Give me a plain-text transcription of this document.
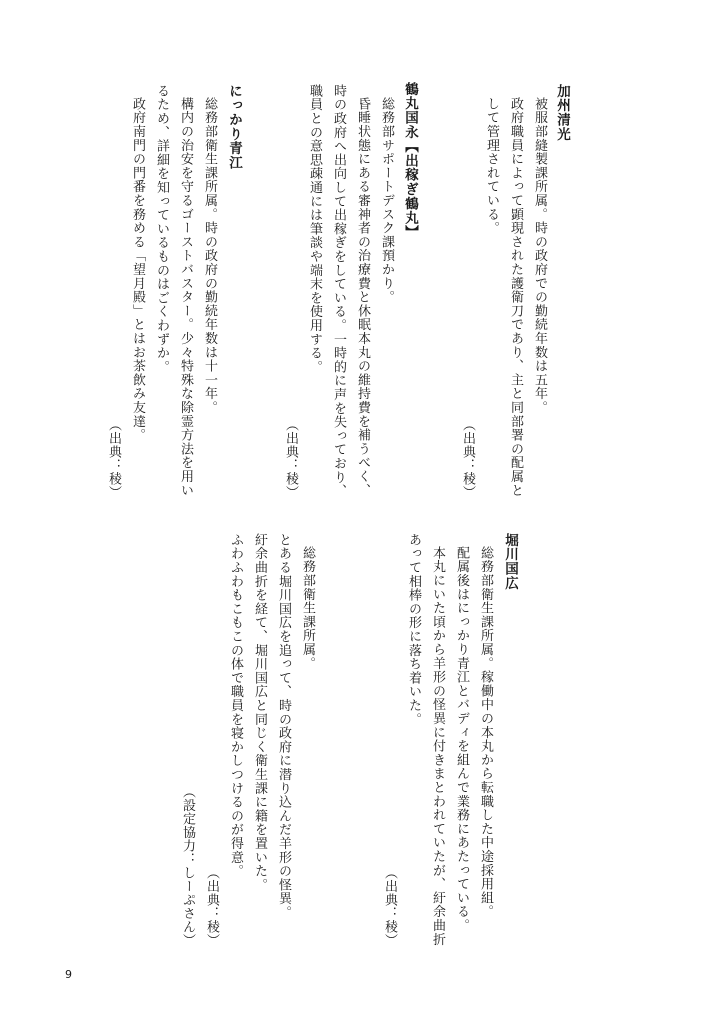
加州清光
被服部縫製課所属。時の政府での勤続年数は五年。
政府職員によって顕現された護衛刀であり、主と同部署の配属と
して管理されている。
（出典：稜）
鶴丸国永【出稼ぎ鶴丸】
総務部サポートデスク課預かり。
昏睡状態にある審神者の治療費と休眠本丸の維持費を補うべく、
時の政府へ出向して出稼ぎをしている。一時的に声を失っており、
職員との意思疎通には筆談や端末を使用する。
（出典：稜）
にっかり青江
総務部衛生課所属。時の政府の勤続年数は十一年。
構内の治安を守るゴーストバスター。少々特殊な除霊方法を用い
るため、詳細を知っているものはごくわずか。
政府南門の門番を務める「望月殿」とはお茶飲み友達。
（出典：稜）
堀川国広
総務部衛生課所属。稼働中の本丸から転職した中途採用組。
配属後はにっかり青江とバディを組んで業務にあたっている。
本丸にいた頃から羊形の怪異に付きまとわれていたが、紆余曲折
あって相棒の形に落ち着いた。
（出典：稜）
総務部衛生課所属。
とある堀川国広を追って、時の政府に潜り込んだ羊形の怪異。
紆余曲折を経て、堀川国広と同じく衛生課に籍を置いた。
ふわふわもこもこの体で職員を寝かしつけるのが得意。
（出典：稜）
（設定協力：しーぷさん）
9
